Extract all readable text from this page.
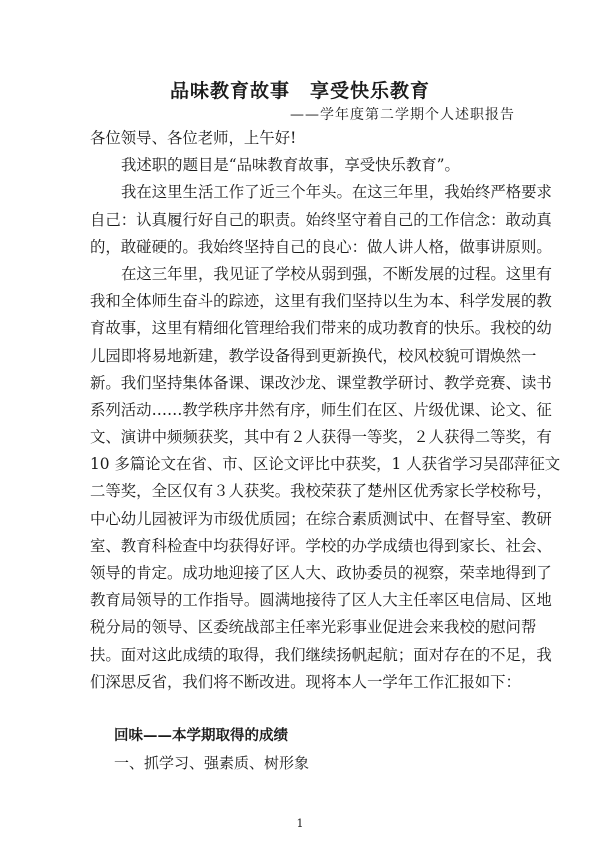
品味教育故事　享受快乐教育
——学年度第二学期个人述职报告
各位领导、各位老师，上午好!
我述职的题目是“品味教育故事，享受快乐教育”。
我在这里生活工作了近三个年头。在这三年里，我始终严格要求
自己：认真履行好自己的职责。始终坚守着自己的工作信念：敢动真
的，敢碰硬的。我始终坚持自己的良心：做人讲人格，做事讲原则。
在这三年里，我见证了学校从弱到强，不断发展的过程。这里有
我和全体师生奋斗的踪迹，这里有我们坚持以生为本、科学发展的教
育故事，这里有精细化管理给我们带来的成功教育的快乐。我校的幼
儿园即将易地新建，教学设备得到更新换代，校风校貌可谓焕然一
新。我们坚持集体备课、课改沙龙、课堂教学研讨、教学竞赛、读书
系列活动……教学秩序井然有序，师生们在区、片级优课、论文、征
文、演讲中频频获奖，其中有２人获得一等奖，２人获得二等奖，有
10 多篇论文在省、市、区论文评比中获奖，1 人获省学习吴邵萍征文
二等奖，全区仅有３人获奖。我校荣获了楚州区优秀家长学校称号，
中心幼儿园被评为市级优质园；在综合素质测试中、在督导室、教研
室、教育科检查中均获得好评。学校的办学成绩也得到家长、社会、
领导的肯定。成功地迎接了区人大、政协委员的视察，荣幸地得到了
教育局领导的工作指导。圆满地接待了区人大主任率区电信局、区地
税分局的领导、区委统战部主任率光彩事业促进会来我校的慰问帮
扶。面对这此成绩的取得，我们继续扬帆起航；面对存在的不足，我
们深思反省，我们将不断改进。现将本人一学年工作汇报如下：
回味——本学期取得的成绩
一、抓学习、强素质、树形象
1
